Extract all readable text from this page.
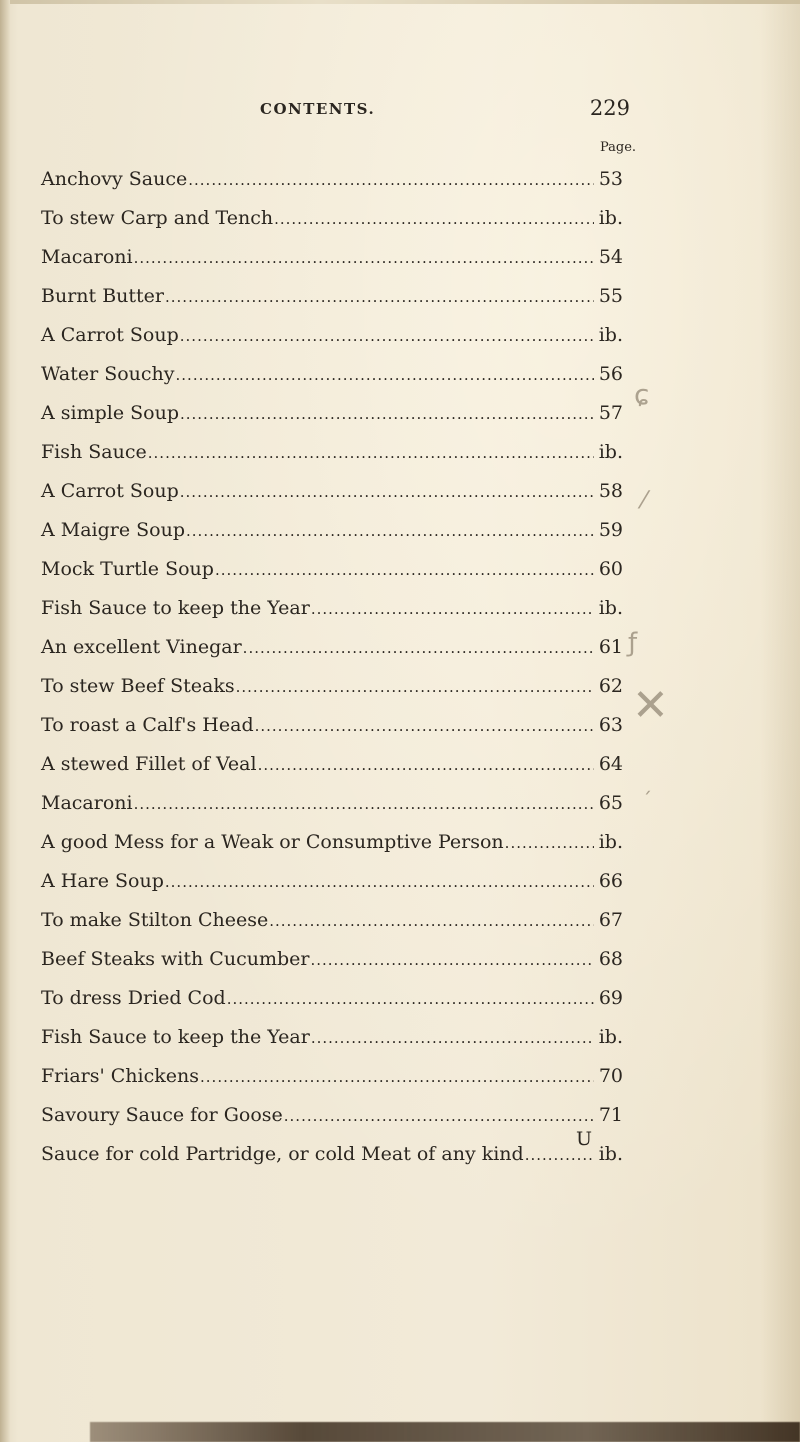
CONTENTS.	229
Page.
Anchovy Sauce .....	53
To stew Carp and Tench .....	ib.
Macaroni .....	54
Burnt Butter .....	55
A Carrot Soup .....	ib.
Water Souchy .....	56
A simple Soup .....	57
Fish Sauce .....	ib.
A Carrot Soup .....	58
A Maigre Soup .....	59
Mock Turtle Soup .....	60
Fish Sauce to keep the Year .....	ib.
An excellent Vinegar .....	61
To stew Beef Steaks .....	62
To roast a Calf's Head .....	63
A stewed Fillet of Veal .....	64
Macaroni .....	65
A good Mess for a Weak or Consumptive Person .....	ib.
A Hare Soup .....	66
To make Stilton Cheese .....	67
Beef Steaks with Cucumber .....	68
To dress Dried Cod .....	69
Fish Sauce to keep the Year .....	ib.
Friars' Chickens .....	70
Savoury Sauce for Goose .....	71
Sauce for cold Partridge, or cold Meat of any kind .....	ib.
U
ɕ
⁄
ƒ
✕
´
